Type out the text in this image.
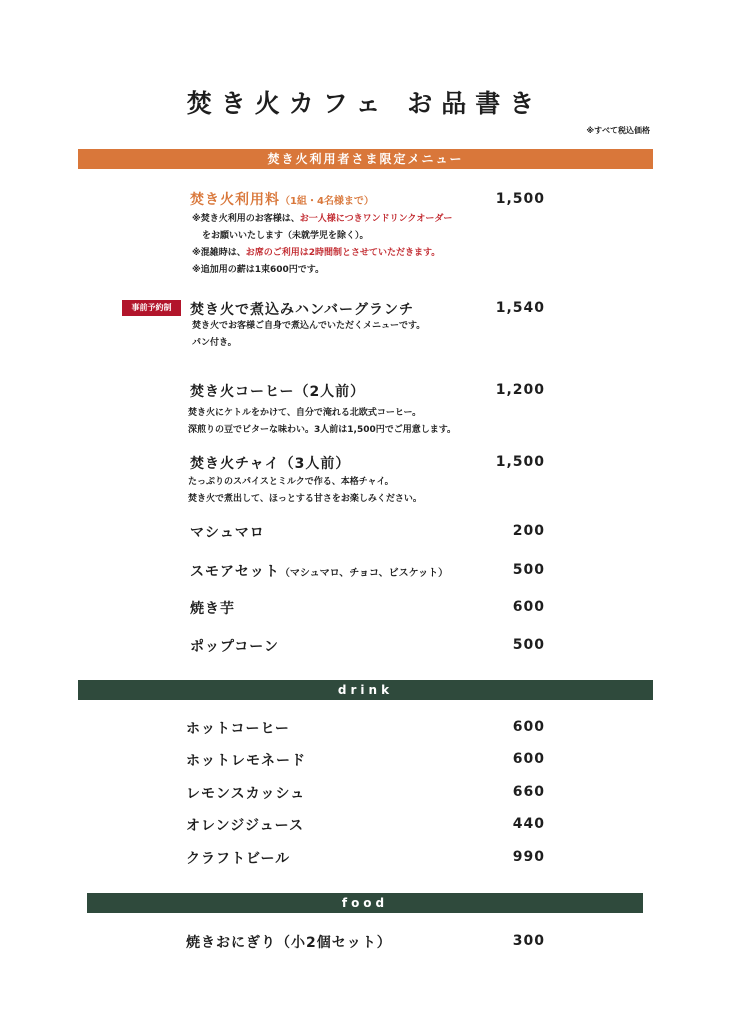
焚き火カフェ お品書き
※すべて税込価格
焚き火利用者さま限定メニュー
焚き火利用料（1組・4名様まで）	1,500
※焚き火利用のお客様は、お一人様につきワンドリンクオーダー
をお願いいたします（未就学児を除く）。
※混雑時は、お席のご利用は2時間制とさせていただきます。
※追加用の薪は1束600円です。
事前予約制	焚き火で煮込みハンバーグランチ	1,540
焚き火でお客様ご自身で煮込んでいただくメニューです。
パン付き。
焚き火コーヒー（2人前）	1,200
焚き火にケトルをかけて、自分で淹れる北欧式コーヒー。
深煎りの豆でビターな味わい。3人前は1,500円でご用意します。
焚き火チャイ（3人前）	1,500
たっぷりのスパイスとミルクで作る、本格チャイ。
焚き火で煮出して、ほっとする甘さをお楽しみください。
マシュマロ	200
スモアセット（マシュマロ、チョコ、ビスケット）	500
焼き芋	600
ポップコーン	500
drink
ホットコーヒー	600
ホットレモネード	600
レモンスカッシュ	660
オレンジジュース	440
クラフトビール	990
food
焼きおにぎり（小2個セット）	300
